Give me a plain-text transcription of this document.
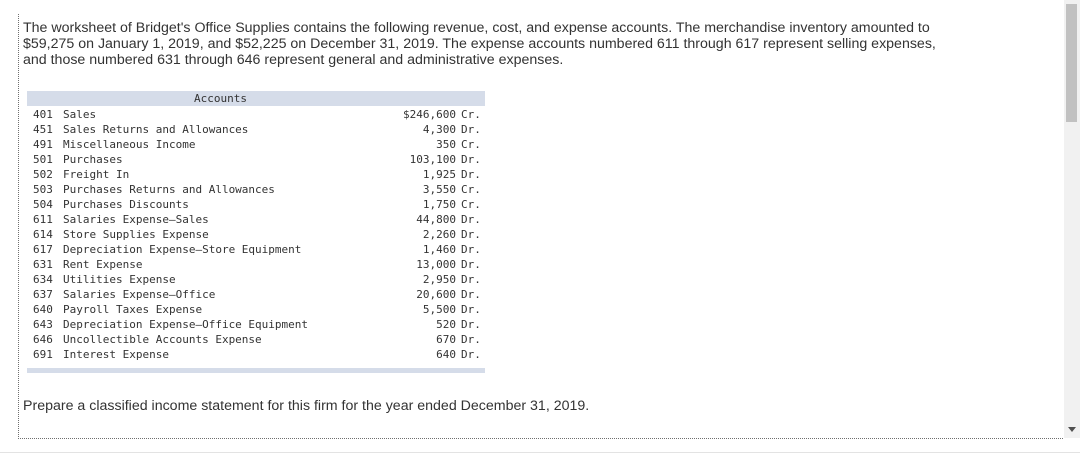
The worksheet of Bridget's Office Supplies contains the following revenue, cost, and expense accounts. The merchandise inventory amounted to $59,275 on January 1, 2019, and $52,225 on December 31, 2019. The expense accounts numbered 611 through 617 represent selling expenses, and those numbered 631 through 646 represent general and administrative expenses.
Accounts
401 Sales	$246,600 Cr.
451 Sales Returns and Allowances	4,300 Dr.
491 Miscellaneous Income	350 Cr.
501 Purchases	103,100 Dr.
502 Freight In	1,925 Dr.
503 Purchases Returns and Allowances	3,550 Cr.
504 Purchases Discounts	1,750 Cr.
611 Salaries Expense—Sales	44,800 Dr.
614 Store Supplies Expense	2,260 Dr.
617 Depreciation Expense—Store Equipment	1,460 Dr.
631 Rent Expense	13,000 Dr.
634 Utilities Expense	2,950 Dr.
637 Salaries Expense—Office	20,600 Dr.
640 Payroll Taxes Expense	5,500 Dr.
643 Depreciation Expense—Office Equipment	520 Dr.
646 Uncollectible Accounts Expense	670 Dr.
691 Interest Expense	640 Dr.
Prepare a classified income statement for this firm for the year ended December 31, 2019.
